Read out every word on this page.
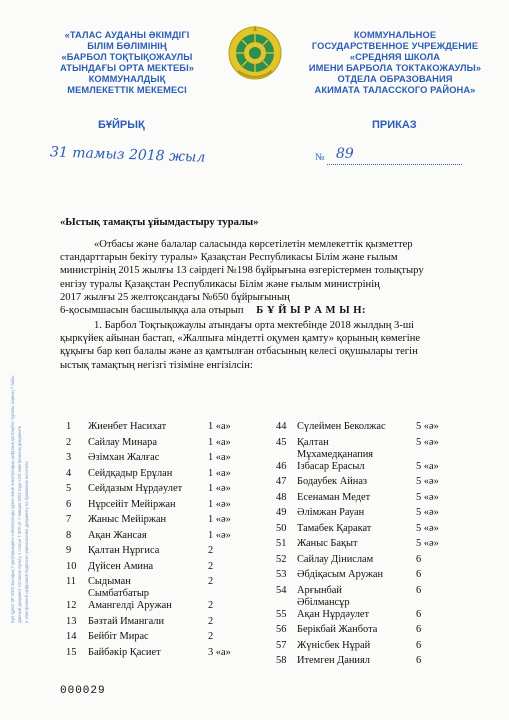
«ТАЛАС АУДАНЫ ӘКІМДІГІ
БІЛІМ БӨЛІМІНІҢ
«БАРБОЛ ТОҚТЫҚОЖАУЛЫ
АТЫНДАҒЫ ОРТА МЕКТЕБІ»
КОММУНАЛДЫҚ
МЕМЛЕКЕТТІК МЕКЕМЕСІ
КОММУНАЛЬНОЕ
ГОСУДАРСТВЕННОЕ УЧРЕЖДЕНИЕ
«СРЕДНЯЯ ШКОЛА
ИМЕНИ БАРБОЛА ТОКТАКОЖАУЛЫ»
ОТДЕЛА ОБРАЗОВАНИЯ
АКИМАТА ТАЛАССКОГО РАЙОНА»
БҰЙРЫҚ	ПРИКАЗ
31 тамыз 2018 жыл	№ 89
«Ыстық тамақты ұйымдастыру туралы»
«Отбасы және балалар саласында көрсетілетін мемлекеттік қызметтер
стандарттарын бекіту туралы» Қазақстан Республикасы Білім және ғылым
министрінің 2015 жылғы 13 сәірдегі №198 бұйрығына өзгерістермен толықтыру
енгізу туралы Қазақстан Республикасы Білім және ғылым министрінің
2017 жылғы 25 желтоқсандағы №650 бұйрығының
6-қосымшасын басшылыққа ала отырып Б Ұ Й Ы Р А М Ы Н:
1. Барбол Тоқтықожаулы атындағы орта мектебінде 2018 жылдың 3-ші
қыркүйек айынан бастап, «Жалпыға міндетті оқумен қамту» қорының көмегіне
құқығы бар көп балалы және аз қамтылған отбасының келесі оқушылары тегін
ыстық тамақтың негізгі тізіміне енгізілсін:
1 Жиенбет Насихат	1 «а»
2 Сайлау Минара	1 «а»
3 Әзімхан Жалғас	1 «а»
4 Сейдқадыр Ерұлан	1 «а»
5 Сейдазым Нұрдәулет 1 «ә»
6 Нұрсейіт Мейіржан	1 «ә»
7 Жаныс Мейіржан	1 «ә»
8 Ақан Жансая	1 «ә»
9 Қалтан Нұргиса	2
10 Дүйсен Амина	2
11 Сыдыман	2
Сымбатбатыр
12 Амангелді Аружан	2
13 Бәзтай Имангали	2
14 Бейбіт Мирас	2
15 Байбәкір Қасиет	3 «а»
44 Сүлеймен Беколжас	5 «ә»
45 Қалтан	5 «ә»
Мұхамедқанапия
46 Ізбасар Ерасыл	5 «а»
47 Бодаубек Айназ	5 «ә»
48 Есенаман Медет	5 «ә»
49 Әлімжан Рауан	5 «ә»
50 Тамабек Қаракат	5 «ә»
51 Жаныс Бақыт	5 «ә»
52 Сайлау Дінислам	6
53 Әбдіқасым Аружан	6
54 Арғынбай	6
Әбілмансұр
55 Ақан Нұрдәулет	6
56 Берікбай Жанбота	6
57 Жүнісбек Нұрай	6
58 Итемген Даниял	6
Бұл құжат ҚР 2003 жылдың 7 қаңтарындағы «Электронды құжат және электрондық цифрлық қолтаңба» туралы заңның 7 бабы Данный документ согласно пункту 1 статьи 7 ЗРК от 7 января 2003 года «Об электронном документе и электронной цифровой подписи» равнозначен документу на бумажном носителе
000029
